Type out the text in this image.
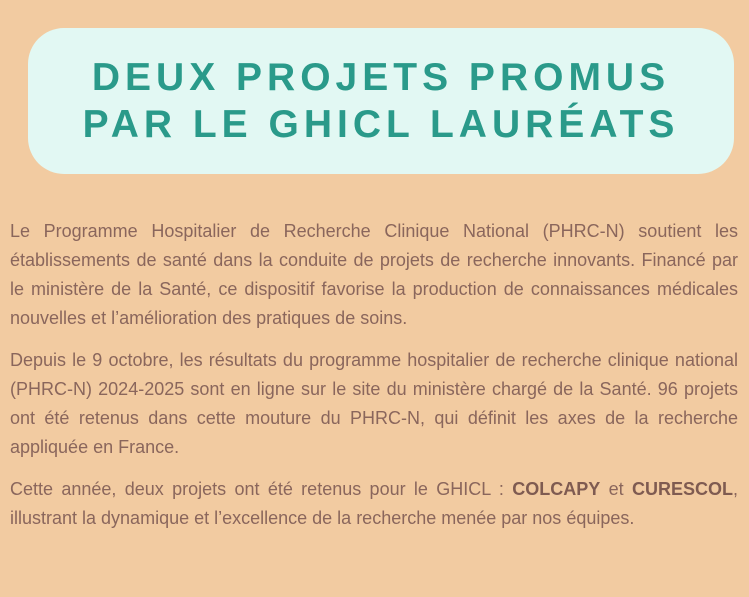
DEUX PROJETS PROMUS
PAR LE GHICL LAURÉATS

Le Programme Hospitalier de Recherche Clinique National (PHRC-N) soutient les établissements de santé dans la conduite de projets de recherche innovants. Financé par le ministère de la Santé, ce dispositif favorise la production de connaissances médicales nouvelles et l’amélioration des pratiques de soins.

Depuis le 9 octobre, les résultats du programme hospitalier de recherche clinique national (PHRC-N) 2024-2025 sont en ligne sur le site du ministère chargé de la Santé. 96 projets ont été retenus dans cette mouture du PHRC-N, qui définit les axes de la recherche appliquée en France.

Cette année, deux projets ont été retenus pour le GHICL : COLCAPY et CURESCOL, illustrant la dynamique et l’excellence de la recherche menée par nos équipes.
